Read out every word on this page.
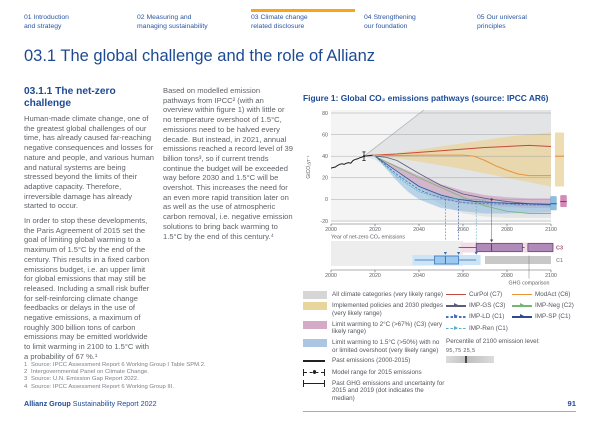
01 Introduction
and strategy
02 Measuring and
managing sustainability
03 Climate change
related disclosure
04 Strengthening
our foundation
05 Our universal
principles
03.1 The global challenge and the role of Allianz
03.1.1 The net-zero challenge

Human-made climate change, one of the greatest global challenges of our time, has already caused far-reaching negative consequences and losses for nature and people, and various human and natural systems are being stressed beyond the limits of their adaptive capacity. Therefore, irreversible damage has already started to occur.

In order to stop these developments, the Paris Agreement of 2015 set the goal of limiting global warming to a maximum of 1.5°C by the end of the century. This results in a fixed carbon emissions budget, i.e. an upper limit for global emissions that may still be released. Including a small risk buffer for self-reinforcing climate change feedbacks or delays in the use of negative emissions, a maximum of roughly 300 billion tons of carbon emissions may be emitted worldwide to limit warming in 2100 to 1.5°C with a probability of 67 %.¹

Based on modelled emission pathways from IPCC² (with an overview within figure 1) with little or no temperature overshoot of 1.5°C, emissions need to be halved every decade. But instead, in 2021, annual emissions reached a record level of 39 billion tons³, so if current trends continue the budget will be exceeded way before 2030 and 1.5°C will be overshot. This increases the need for an even more rapid transition later on as well as the use of atmospheric carbon removal, i.e. negative emission solutions to bring back warming to 1.5°C by the end of this century.⁴

Figure 1: Global CO₂ emissions pathways (source: IPCC AR6)
80
60
40
20
0
-20
GtCO₂yr⁻¹
2000	2020	2040	2060	2080	2100
Year of net-zero CO₂ emissions
C3
C1
2000	2020	2040	2060	2080	2100
GHG comparison
All climate categories (very likely range)
Implemented policies and 2030 pledges (very likely range)
Limit warming to 2°C (>67%) (C3) (very likely range)
Limit warming to 1.5°C (>50%) with no or limited overshoot (very likely range)
Past emissions (2000-2015)
Model range for 2015 emissions
Past GHG emissions and uncertainty for 2015 and 2019 (dot indicates the median)
CurPol (C7)	ModAct (C6)
IMP-GS (C3)	IMP-Neg (C2)
IMP-LD (C1)	IMP-SP (C1)
IMP-Ren (C1)
Percentile of 2100 emission level:
95,75 25,5
1 Source: IPCC Assessment Report 6 Working Group I Table SPM.2.
2 Intergovernmental Panel on Climate Change.
3 Source: U.N. Emission Gap Report 2022.
4 Source: IPCC Assessment Report 6 Working Group III.
Allianz Group Sustainability Report 2022	91
